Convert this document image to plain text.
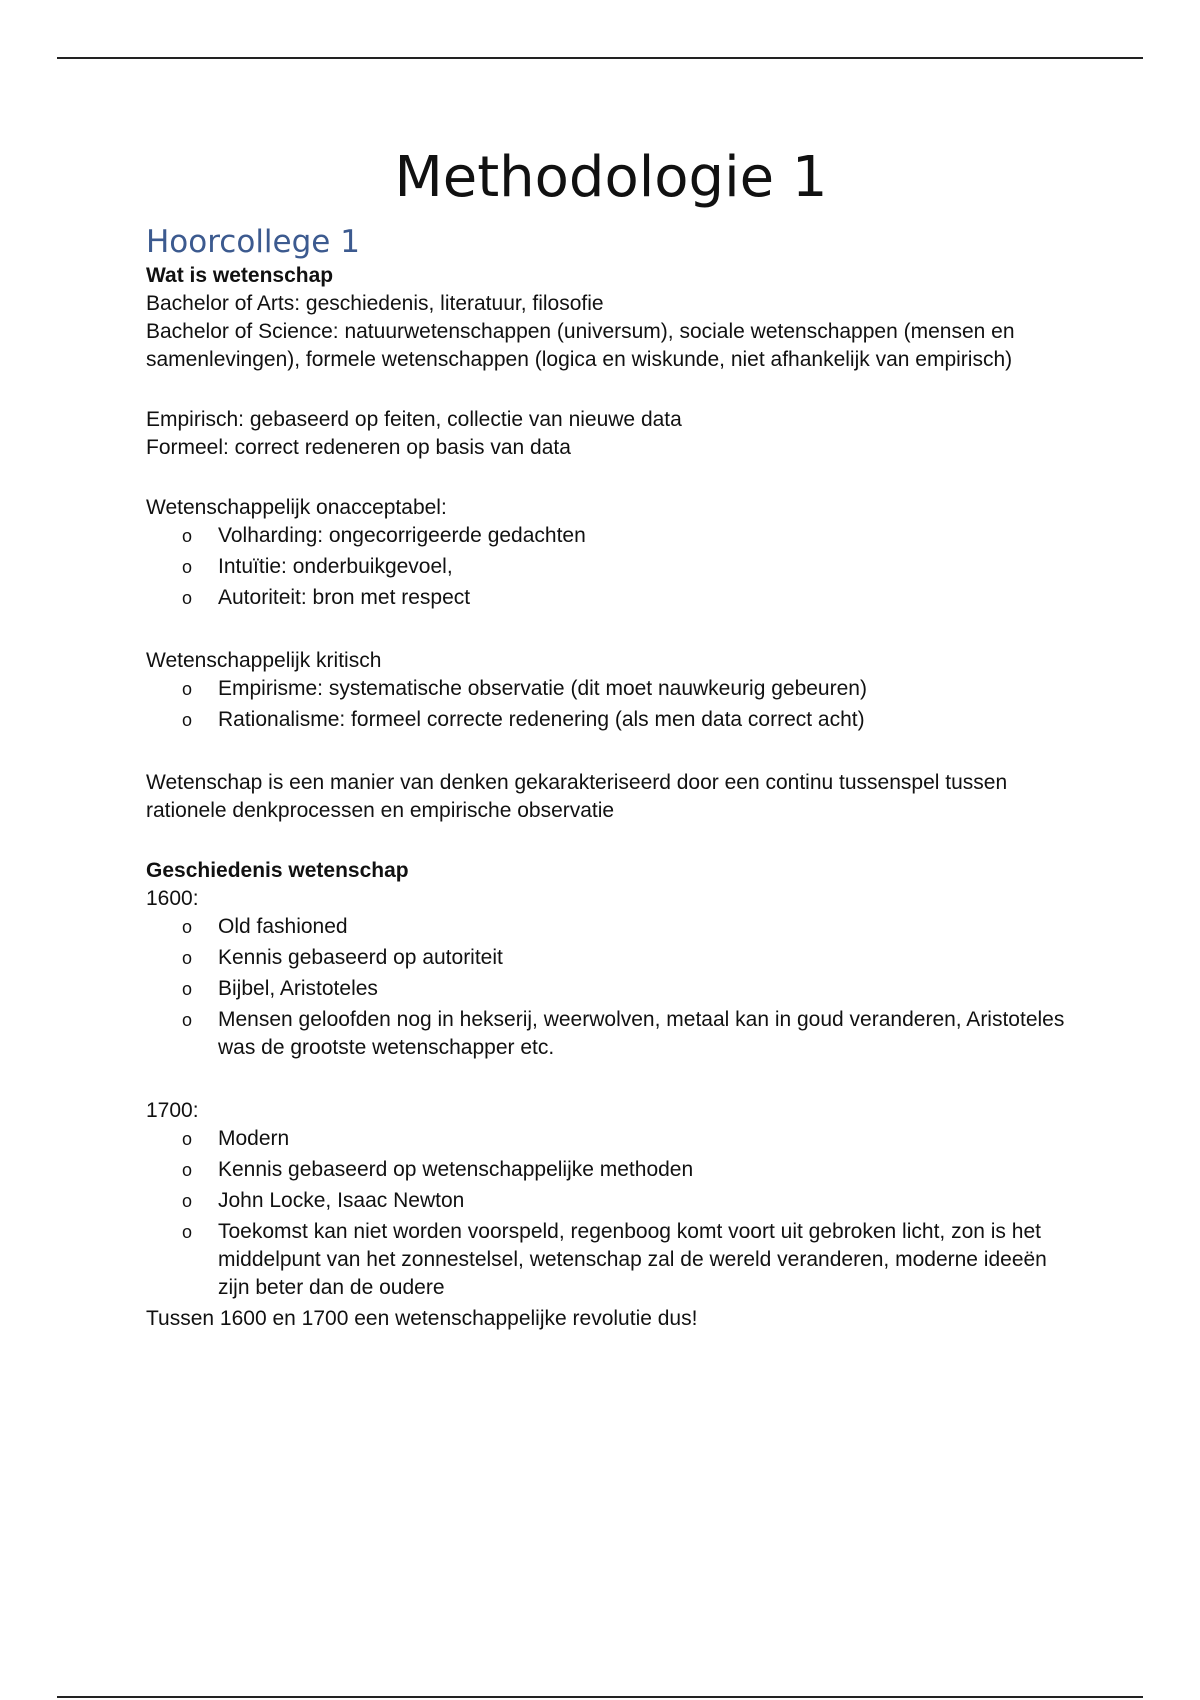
Methodologie 1
Hoorcollege 1

Wat is wetenschap

Bachelor of Arts: geschiedenis, literatuur, filosofie

Bachelor of Science: natuurwetenschappen (universum), sociale wetenschappen (mensen en samenlevingen), formele wetenschappen (logica en wiskunde, niet afhankelijk van empirisch)

Empirisch: gebaseerd op feiten, collectie van nieuwe data

Formeel: correct redeneren op basis van data

Wetenschappelijk onacceptabel:

o Volharding: ongecorrigeerde gedachten
o Intuïtie: onderbuikgevoel,
o Autoriteit: bron met respect

Wetenschappelijk kritisch

o Empirisme: systematische observatie (dit moet nauwkeurig gebeuren)
o Rationalisme: formeel correcte redenering (als men data correct acht)

Wetenschap is een manier van denken gekarakteriseerd door een continu tussenspel tussen rationele denkprocessen en empirische observatie

Geschiedenis wetenschap

1600:

o Old fashioned
o Kennis gebaseerd op autoriteit
o Bijbel, Aristoteles
o Mensen geloofden nog in hekserij, weerwolven, metaal kan in goud veranderen, Aristoteles was de grootste wetenschapper etc.

1700:

o Modern
o Kennis gebaseerd op wetenschappelijke methoden
o John Locke, Isaac Newton
o Toekomst kan niet worden voorspeld, regenboog komt voort uit gebroken licht, zon is het middelpunt van het zonnestelsel, wetenschap zal de wereld veranderen, moderne ideeën zijn beter dan de oudere

Tussen 1600 en 1700 een wetenschappelijke revolutie dus!
